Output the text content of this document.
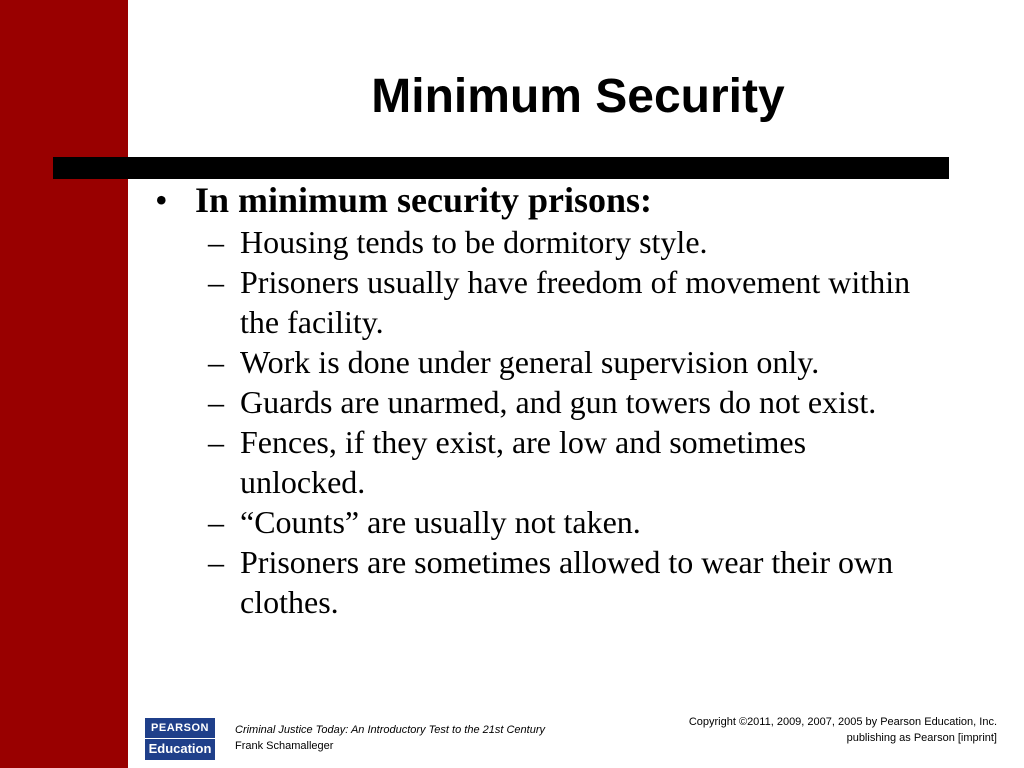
Minimum Security
• In minimum security prisons:
– Housing tends to be dormitory style.
– Prisoners usually have freedom of movement within the facility.
– Work is done under general supervision only.
– Guards are unarmed, and gun towers do not exist.
– Fences, if they exist, are low and sometimes unlocked.
– “Counts” are usually not taken.
– Prisoners are sometimes allowed to wear their own clothes.
PEARSON
Education
Criminal Justice Today: An Introductory Test to the 21st Century
Frank Schamalleger
Copyright ©2011, 2009, 2007, 2005 by Pearson Education, Inc.
publishing as Pearson [imprint]
